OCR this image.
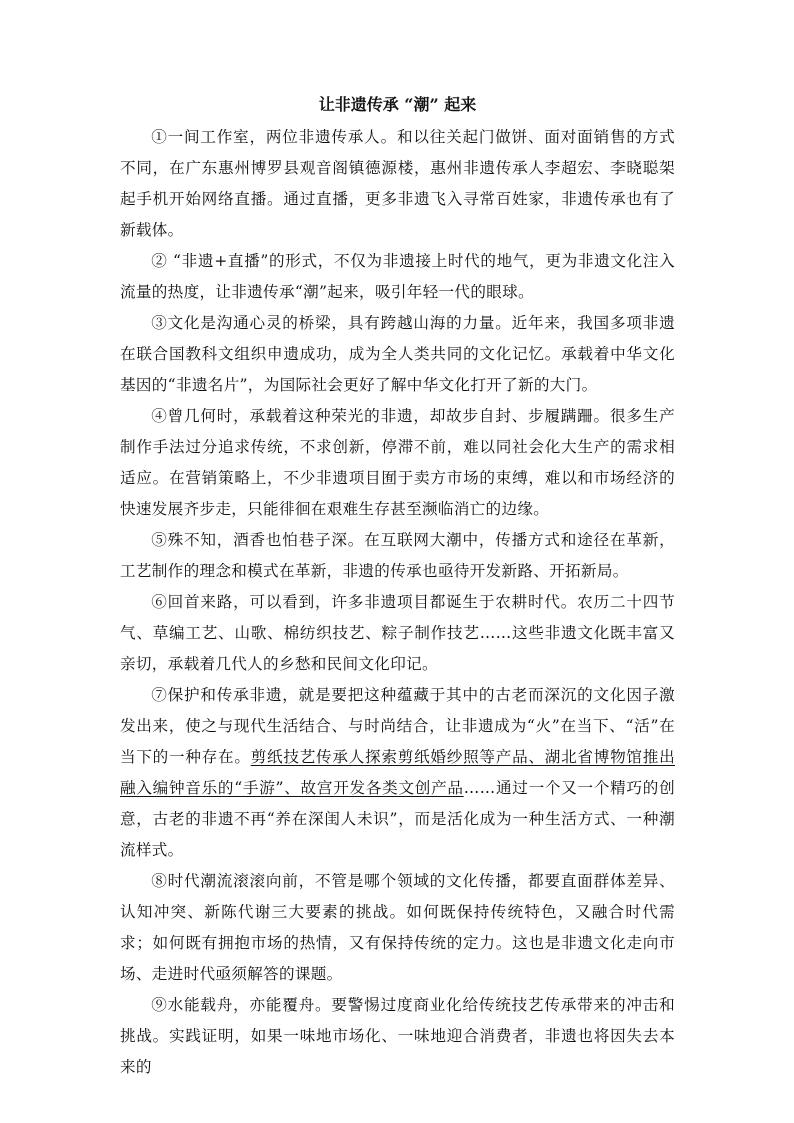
让非遗传承 “潮” 起来

①一间工作室，两位非遗传承人。和以往关起门做饼、面对面销售的方式不同，在广东惠州博罗县观音阁镇德源楼，惠州非遗传承人李超宏、李晓聪架起手机开始网络直播。通过直播，更多非遗飞入寻常百姓家，非遗传承也有了新载体。

② “非遗+直播”的形式，不仅为非遗接上时代的地气，更为非遗文化注入流量的热度，让非遗传承“潮”起来，吸引年轻一代的眼球。

③文化是沟通心灵的桥梁，具有跨越山海的力量。近年来，我国多项非遗在联合国教科文组织申遗成功，成为全人类共同的文化记忆。承载着中华文化基因的“非遗名片”，为国际社会更好了解中华文化打开了新的大门。

④曾几何时，承载着这种荣光的非遗，却故步自封、步履蹒跚。很多生产制作手法过分追求传统，不求创新，停滞不前，难以同社会化大生产的需求相适应。在营销策略上，不少非遗项目囿于卖方市场的束缚，难以和市场经济的快速发展齐步走，只能徘徊在艰难生存甚至濒临消亡的边缘。

⑤殊不知，酒香也怕巷子深。在互联网大潮中，传播方式和途径在革新，工艺制作的理念和模式在革新，非遗的传承也亟待开发新路、开拓新局。

⑥回首来路，可以看到，许多非遗项目都诞生于农耕时代。农历二十四节气、草编工艺、山歌、棉纺织技艺、粽子制作技艺……这些非遗文化既丰富又亲切，承载着几代人的乡愁和民间文化印记。

⑦保护和传承非遗，就是要把这种蕴藏于其中的古老而深沉的文化因子激发出来，使之与现代生活结合、与时尚结合，让非遗成为“火”在当下、“活”在当下的一种存在。剪纸技艺传承人探索剪纸婚纱照等产品、湖北省博物馆推出融入编钟音乐的“手游”、故宫开发各类文创产品……通过一个又一个精巧的创意，古老的非遗不再“养在深闺人未识”，而是活化成为一种生活方式、一种潮流样式。

⑧时代潮流滚滚向前，不管是哪个领域的文化传播，都要直面群体差异、认知冲突、新陈代谢三大要素的挑战。如何既保持传统特色，又融合时代需求；如何既有拥抱市场的热情，又有保持传统的定力。这也是非遗文化走向市场、走进时代亟须解答的课题。

⑨水能载舟，亦能覆舟。要警惕过度商业化给传统技艺传承带来的冲击和挑战。实践证明，如果一味地市场化、一味地迎合消费者，非遗也将因失去本来的
